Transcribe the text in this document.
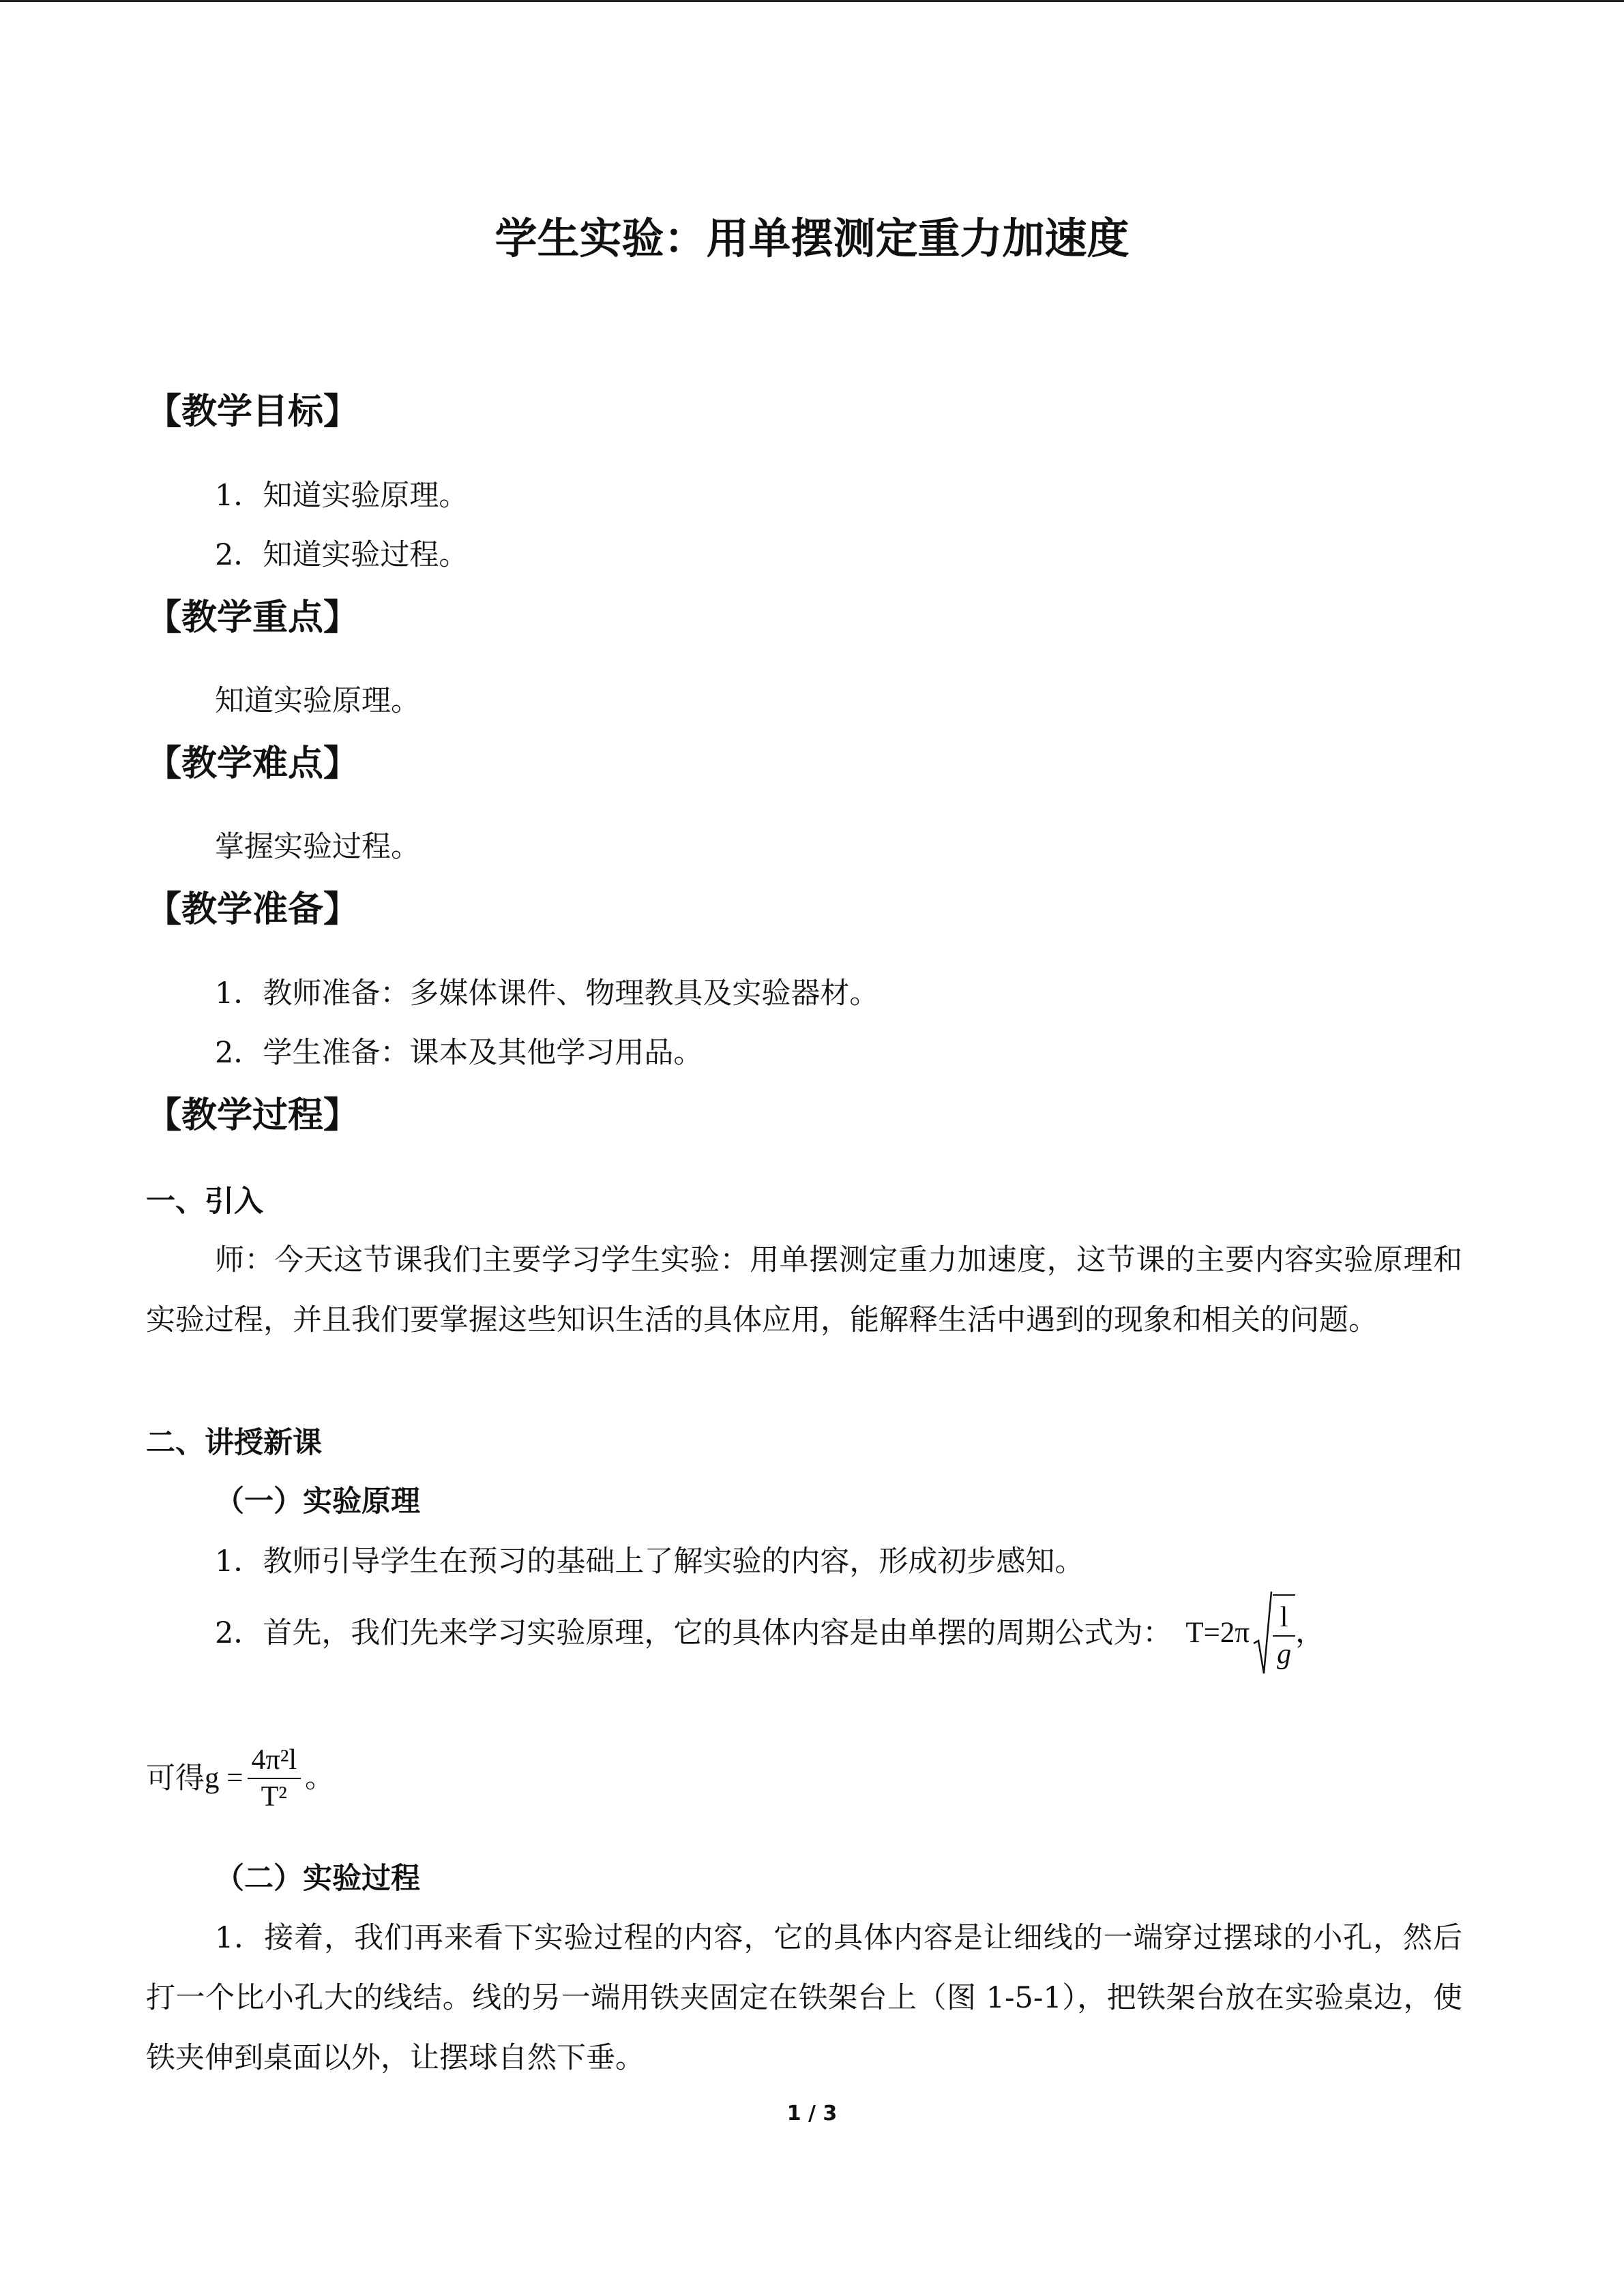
学生实验：用单摆测定重力加速度
【教学目标】
1．知道实验原理。
2．知道实验过程。
【教学重点】
知道实验原理。
【教学难点】
掌握实验过程。
【教学准备】
1．教师准备：多媒体课件、物理教具及实验器材。
2．学生准备：课本及其他学习用品。
【教学过程】
一、引入
师：今天这节课我们主要学习学生实验：用单摆测定重力加速度，这节课的主要内容实验原理和实验过程，并且我们要掌握这些知识生活的具体应用，能解释生活中遇到的现象和相关的问题。
二、讲授新课
（一）实验原理
1．教师引导学生在预习的基础上了解实验的内容，形成初步感知。
2．首先，我们先来学习实验原理，它的具体内容是由单摆的周期公式为： $T=2\pi \frac{l}{g}$ ，
可得 $g = \frac{\text{4π²l}}{\text{T²}}$ 。
（二）实验过程
1．接着，我们再来看下实验过程的内容，它的具体内容是让细线的一端穿过摆球的小孔，然后打一个比小孔大的线结。线的另一端用铁夹固定在铁架台上（图 1-5-1），把铁架台放在实验桌边，使铁夹伸到桌面以外，让摆球自然下垂。
1 / 3
